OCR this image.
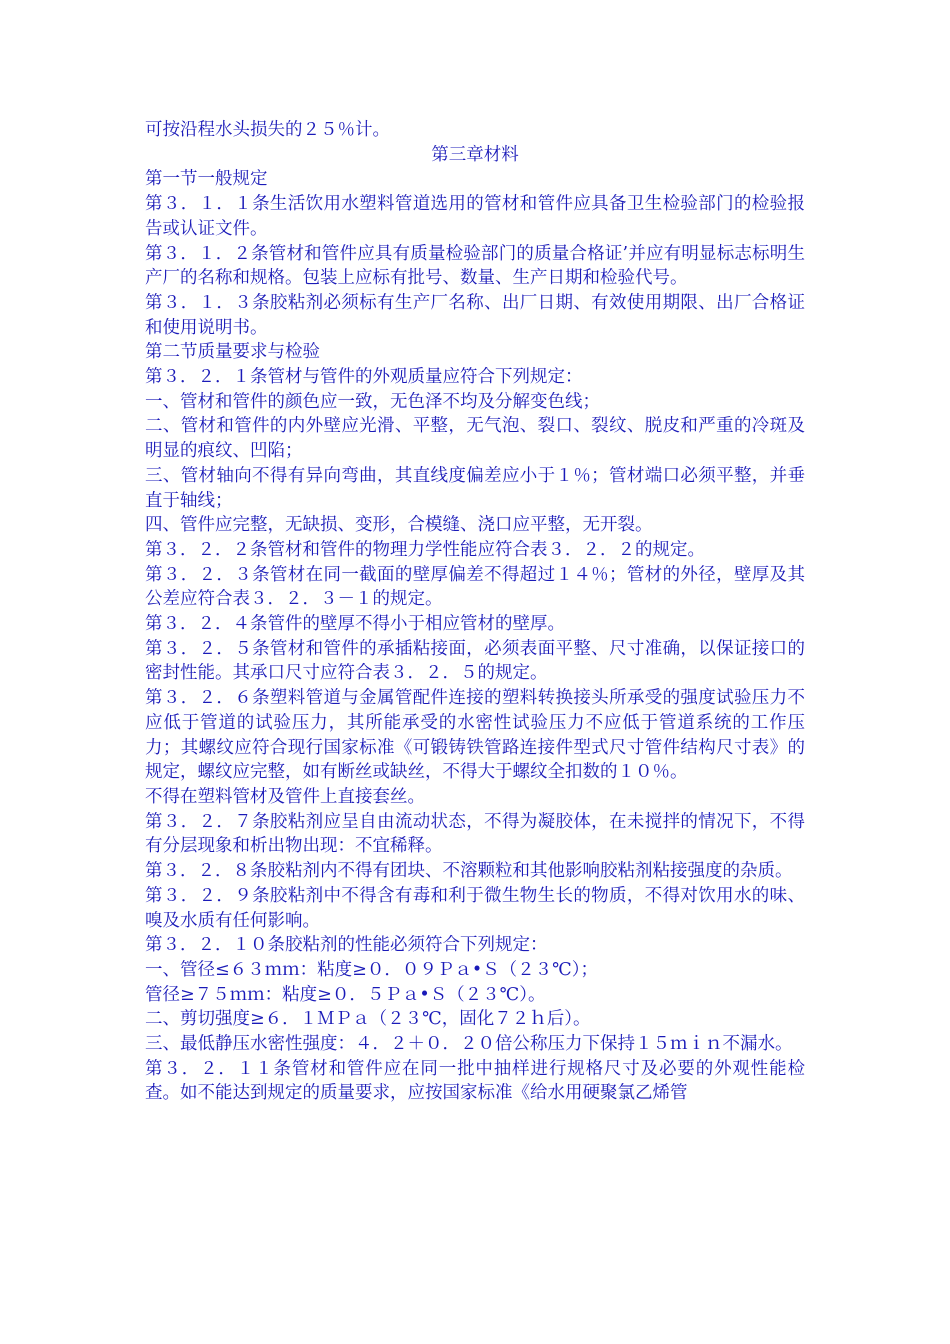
可按沿程水头损失的２５％计。

第三章材料

第一节一般规定

第３．１．１条生活饮用水塑料管道选用的管材和管件应具备卫生检验部门的检验报告或认证文件。

第３．１．２条管材和管件应具有质量检验部门的质量合格证’并应有明显标志标明生产厂的名称和规格。包装上应标有批号、数量、生产日期和检验代号。

第３．１．３条胶粘剂必须标有生产厂名称、出厂日期、有效使用期限、出厂合格证和使用说明书。

第二节质量要求与检验

第３．２．１条管材与管件的外观质量应符合下列规定：

一、管材和管件的颜色应一致，无色泽不均及分解变色线；

二、管材和管件的内外壁应光滑、平整，无气泡、裂口、裂纹、脱皮和严重的冷斑及明显的痕纹、凹陷；

三、管材轴向不得有异向弯曲，其直线度偏差应小于１％；管材端口必须平整，并垂直于轴线；

四、管件应完整，无缺损、变形，合模缝、浇口应平整，无开裂。

第３．２．２条管材和管件的物理力学性能应符合表３．２．２的规定。

第３．２．３条管材在同一截面的壁厚偏差不得超过１４％；管材的外径，壁厚及其公差应符合表３．２．３－１的规定。

第３．２．４条管件的壁厚不得小于相应管材的壁厚。

第３．２．５条管材和管件的承插粘接面，必须表面平整、尺寸准确，以保证接口的密封性能。其承口尺寸应符合表３．２．５的规定。

第３．２．６条塑料管道与金属管配件连接的塑料转换接头所承受的强度试验压力不应低于管道的试验压力，其所能承受的水密性试验压力不应低于管道系统的工作压力；其螺纹应符合现行国家标准《可锻铸铁管路连接件型式尺寸管件结构尺寸表》的规定，螺纹应完整，如有断丝或缺丝，不得大于螺纹全扣数的１０％。

不得在塑料管材及管件上直接套丝。

第３．２．７条胶粘剂应呈自由流动状态，不得为凝胶体，在未搅拌的情况下，不得有分层现象和析出物出现：不宜稀释。

第３．２．８条胶粘剂内不得有团块、不溶颗粒和其他影响胶粘剂粘接强度的杂质。

第３．２．９条胶粘剂中不得含有毒和利于微生物生长的物质，不得对饮用水的味、嗅及水质有任何影响。

第３．２．１０条胶粘剂的性能必须符合下列规定：

一、管径≤６３ｍｍ：粘度≥０．０９Ｐａ•Ｓ（２３℃）；

管径≥７５ｍｍ：粘度≥０．５Ｐａ•Ｓ（２３℃）。

二、剪切强度≥６．１ＭＰａ（２３℃，固化７２ｈ后）。

三、最低静压水密性强度：４．２＋０．２０倍公称压力下保持１５ｍｉｎ不漏水。

第３．２．１１条管材和管件应在同一批中抽样进行规格尺寸及必要的外观性能检查。如不能达到规定的质量要求，应按国家标准《给水用硬聚氯乙烯管
